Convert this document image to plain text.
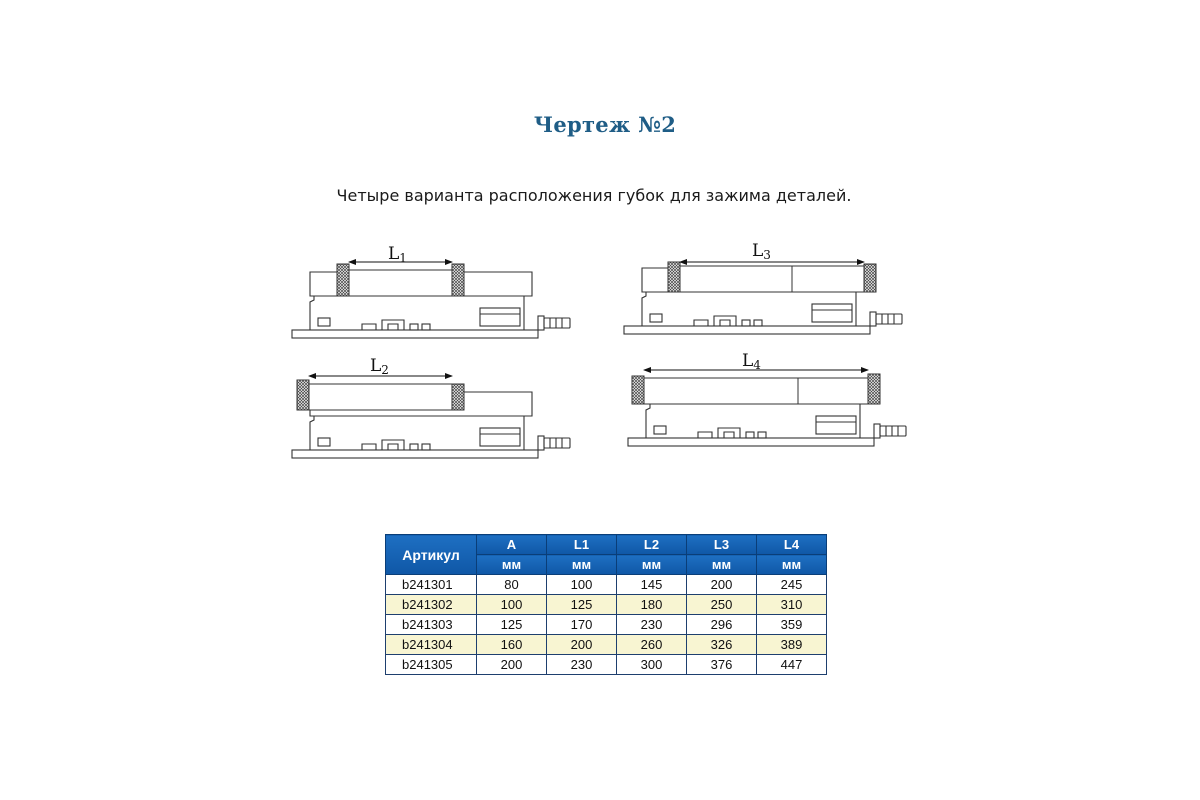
Чертеж №2
Четыре варианта расположения губок для зажима деталей.
L1
L2
L3
L4
Артикул	A	L1	L2	L3	L4
	мм	мм	мм	мм	мм
b241301	80	100	145	200	245
b241302	100	125	180	250	310
b241303	125	170	230	296	359
b241304	160	200	260	326	389
b241305	200	230	300	376	447
